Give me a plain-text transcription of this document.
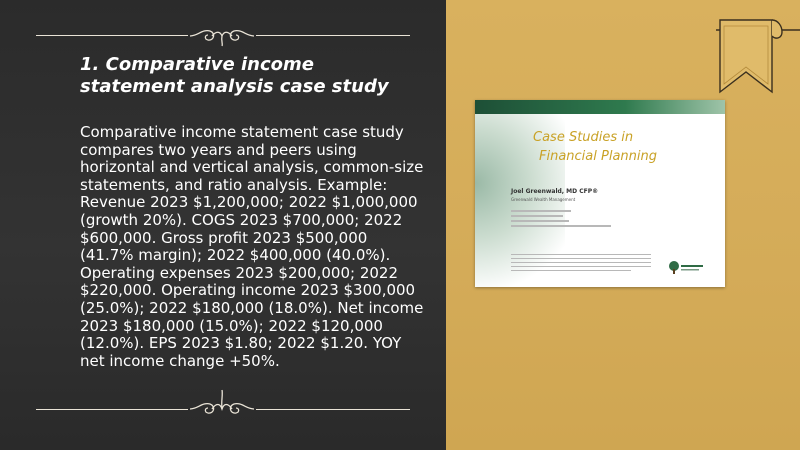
1. Comparative income statement analysis case study
Comparative income statement case study compares two years and peers using horizontal and vertical analysis, common-size statements, and ratio analysis. Example: Revenue 2023 $1,200,000; 2022 $1,000,000 (growth 20%). COGS 2023 $700,000; 2022 $600,000. Gross profit 2023 $500,000 (41.7% margin); 2022 $400,000 (40.0%). Operating expenses 2023 $200,000; 2022 $220,000. Operating income 2023 $300,000 (25.0%); 2022 $180,000 (18.0%). Net income 2023 $180,000 (15.0%); 2022 $120,000 (12.0%). EPS 2023 $1.80; 2022 $1.20. YOY net income change +50%.
Case Studies in
Financial Planning
Joel Greenwald, MD CFP®
Greenwald Wealth Management
